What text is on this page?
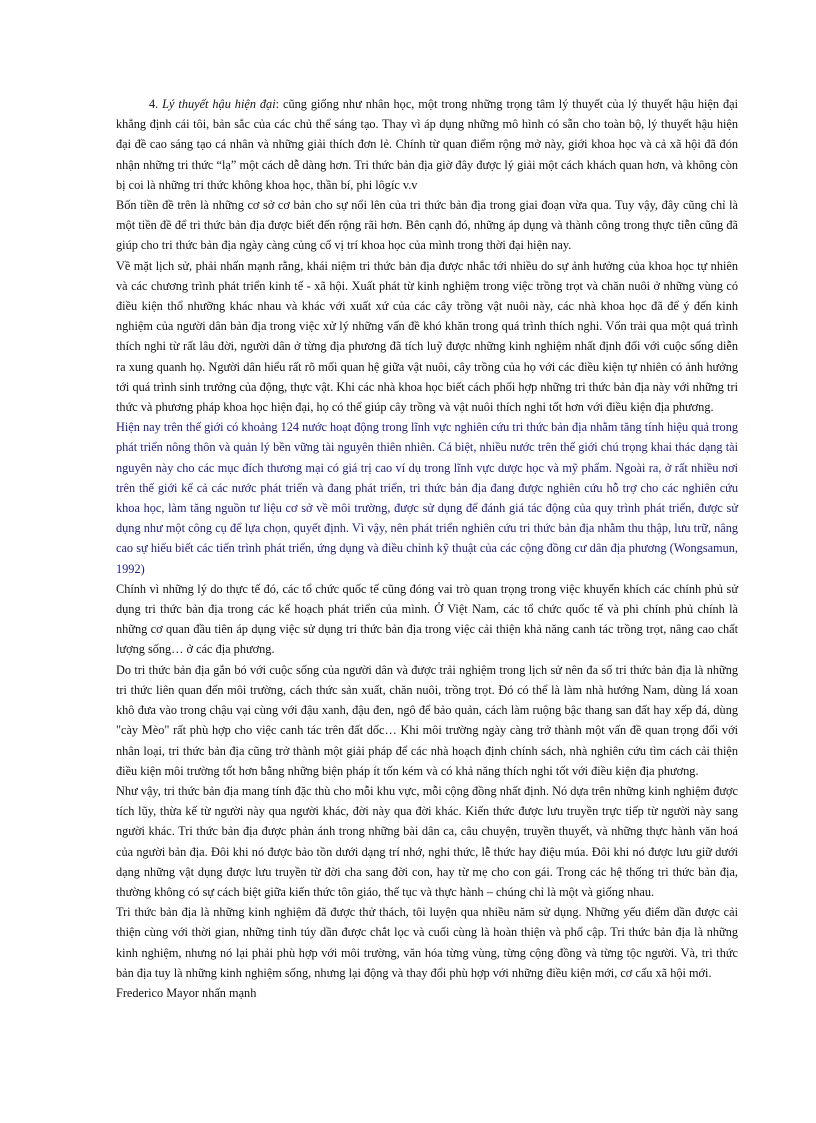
4. Lý thuyết hậu hiện đại: cũng giống như nhân học, một trong những trọng tâm lý thuyết của lý thuyết hậu hiện đại khẳng định cái tôi, bản sắc của các chủ thể sáng tạo. Thay vì áp dụng những mô hình có sẵn cho toàn bộ, lý thuyết hậu hiện đại đề cao sáng tạo cá nhân và những giải thích đơn lẻ. Chính từ quan điểm rộng mở này, giới khoa học và cả xã hội đã đón nhận những tri thức “lạ” một cách dễ dàng hơn. Tri thức bản địa giờ đây được lý giải một cách khách quan hơn, và không còn bị coi là những tri thức không khoa học, thần bí, phi lôgíc v.v

Bốn tiền đề trên là những cơ sở cơ bản cho sự nổi lên của tri thức bản địa trong giai đoạn vừa qua. Tuy vậy, đây cũng chỉ là một tiền đề để tri thức bản địa được biết đến rộng rãi hơn. Bên cạnh đó, những áp dụng và thành công trong thực tiễn cũng đã giúp cho tri thức bản địa ngày càng củng cố vị trí khoa học của mình trong thời đại hiện nay.

Về mặt lịch sử, phải nhấn mạnh rằng, khái niệm tri thức bản địa được nhắc tới nhiều do sự ảnh hưởng của khoa học tự nhiên và các chương trình phát triển kinh tế - xã hội. Xuất phát từ kinh nghiệm trong việc trồng trọt và chăn nuôi ở những vùng có điều kiện thổ nhưỡng khác nhau và khác với xuất xứ của các cây trồng vật nuôi này, các nhà khoa học đã để ý đến kinh nghiệm của người dân bản địa trong việc xử lý những vấn đề khó khăn trong quá trình thích nghi. Vốn trải qua một quá trình thích nghi từ rất lâu đời, người dân ở từng địa phương đã tích luỹ được những kinh nghiệm nhất định đối với cuộc sống diễn ra xung quanh họ. Người dân hiểu rất rõ mối quan hệ giữa vật nuôi, cây trồng của họ với các điều kiện tự nhiên có ảnh hưởng tới quá trình sinh trưởng của động, thực vật. Khi các nhà khoa học biết cách phối hợp những tri thức bản địa này với những tri thức và phương pháp khoa học hiện đại, họ có thể giúp cây trồng và vật nuôi thích nghi tốt hơn với điều kiện địa phương.

Hiện nay trên thế giới có khoảng 124 nước hoạt động trong lĩnh vực nghiên cứu tri thức bản địa nhằm tăng tính hiệu quả trong phát triển nông thôn và quản lý bền vững tài nguyên thiên nhiên. Cá biệt, nhiều nước trên thế giới chú trọng khai thác dạng tài nguyên này cho các mục đích thương mại có giá trị cao ví dụ trong lĩnh vực dược học và mỹ phẩm. Ngoài ra, ở rất nhiều nơi trên thế giới kể cả các nước phát triển và đang phát triển, tri thức bản địa đang được nghiên cứu hỗ trợ cho các nghiên cứu khoa học, làm tăng nguồn tư liệu cơ sở về môi trường, được sử dụng để đánh giá tác động của quy trình phát triển, được sử dụng như một công cụ để lựa chọn, quyết định. Vì vậy, nên phát triển nghiên cứu tri thức bản địa nhằm thu thập, lưu trữ, nâng cao sự hiểu biết các tiến trình phát triển, ứng dụng và điều chỉnh kỹ thuật của các cộng đồng cư dân địa phương (Wongsamun, 1992)

Chính vì những lý do thực tế đó, các tổ chức quốc tế cũng đóng vai trò quan trọng trong việc khuyến khích các chính phủ sử dụng tri thức bản địa trong các kế hoạch phát triển của mình. Ở Việt Nam, các tổ chức quốc tế và phi chính phủ chính là những cơ quan đầu tiên áp dụng việc sử dụng tri thức bản địa trong việc cải thiện khả năng canh tác trồng trọt, nâng cao chất lượng sống… ở các địa phương.

Do tri thức bản địa gắn bó với cuộc sống của người dân và được trải nghiệm trong lịch sử nên đa số tri thức bản địa là những tri thức liên quan đến môi trường, cách thức sản xuất, chăn nuôi, trồng trọt. Đó có thể là làm nhà hướng Nam, dùng lá xoan khô đưa vào trong chậu vại cùng với đậu xanh, đậu đen, ngô để bảo quản, cách làm ruộng bậc thang san đất hay xếp đá, dùng "cày Mèo" rất phù hợp cho việc canh tác trên đất dốc… Khi môi trường ngày càng trở thành một vấn đề quan trọng đối với nhân loại, tri thức bản địa cũng trở thành một giải pháp để các nhà hoạch định chính sách, nhà nghiên cứu tìm cách cải thiện điều kiện môi trường tốt hơn bằng những biện pháp ít tốn kém và có khả năng thích nghi tốt với điều kiện địa phương.

Như vậy, tri thức bản địa mang tính đặc thù cho mỗi khu vực, mỗi cộng đồng nhất định. Nó dựa trên những kinh nghiệm được tích lũy, thừa kế từ người này qua người khác, đời này qua đời khác. Kiến thức được lưu truyền trực tiếp từ người này sang người khác. Tri thức bản địa được phản ánh trong những bài dân ca, câu chuyện, truyền thuyết, và những thực hành văn hoá của người bản địa. Đôi khi nó được bảo tồn dưới dạng trí nhớ, nghi thức, lễ thức hay điệu múa. Đôi khi nó được lưu giữ dưới dạng những vật dụng được lưu truyền từ đời cha sang đời con, hay từ mẹ cho con gái. Trong các hệ thống tri thức bản địa, thường không có sự cách biệt giữa kiến thức tôn giáo, thế tục và thực hành – chúng chỉ là một và giống nhau.

Tri thức bản địa là những kinh nghiệm đã được thử thách, tôi luyện qua nhiều năm sử dụng. Những yếu điểm dần được cải thiện cùng với thời gian, những tinh túy dần được chắt lọc và cuối cùng là hoàn thiện và phổ cập. Tri thức bản địa là những kinh nghiệm, nhưng nó lại phải phù hợp với môi trường, văn hóa từng vùng, từng cộng đồng và từng tộc người. Và, tri thức bản địa tuy là những kinh nghiệm sống, nhưng lại động và thay đổi phù hợp với những điều kiện mới, cơ cấu xã hội mới.

Frederico Mayor nhấn mạnh
